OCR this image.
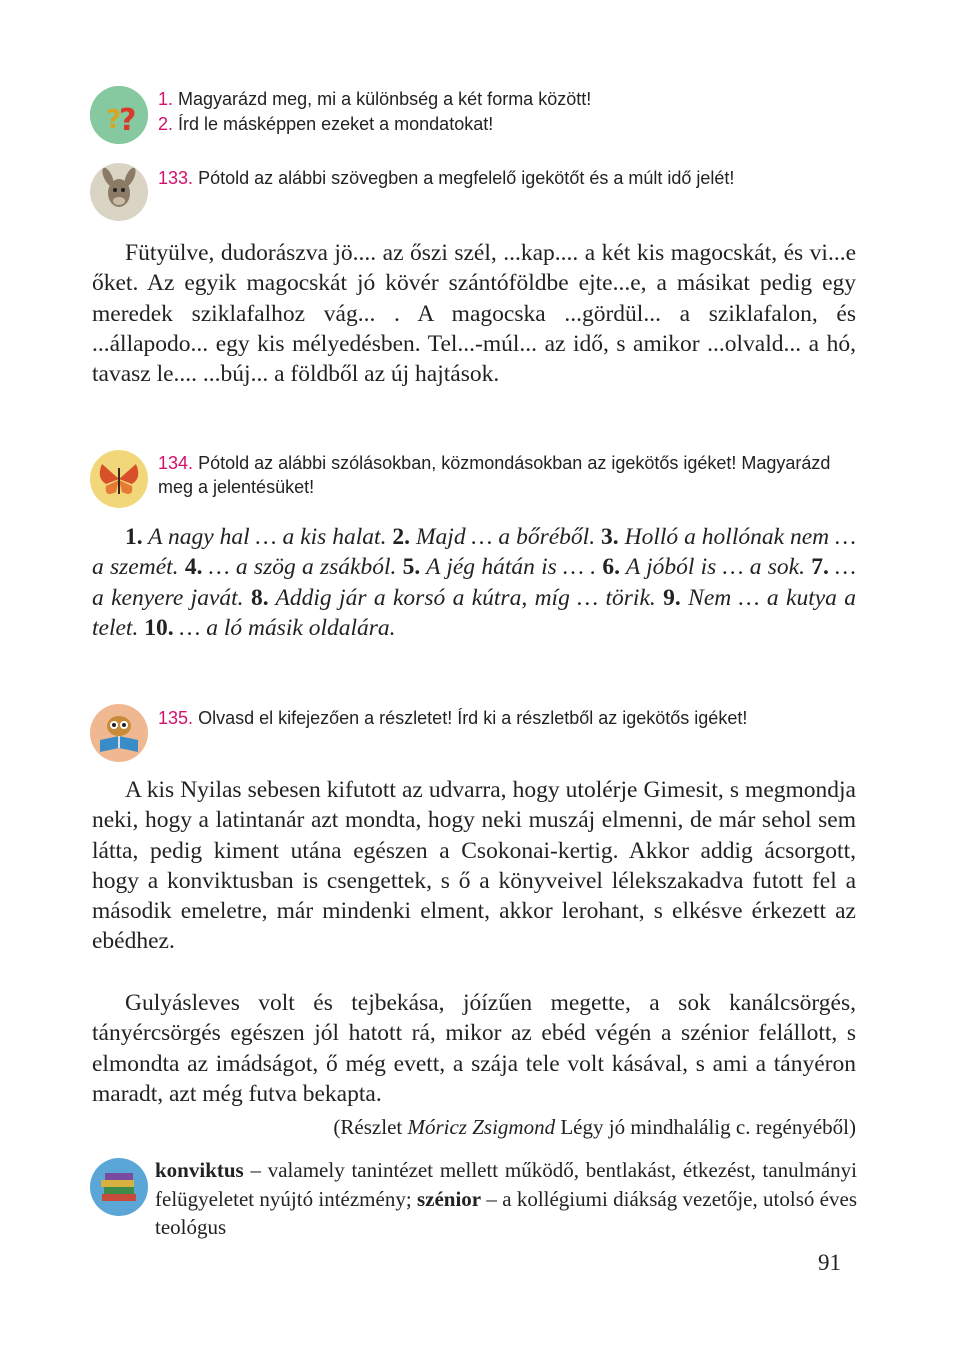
?
?
1. Magyarázd meg, mi a különbség a két forma között!
2. Írd le másképpen ezeket a mondatokat!
133. Pótold az alábbi szövegben a megfelelő igekötőt és a múlt idő jelét!
Fütyülve, dudorászva jö.... az őszi szél, ...kap.... a két kis magocskát, és vi...e őket. Az egyik magocskát jó kövér szántóföldbe ejte...e, a másikat pedig egy meredek sziklafalhoz vág... . A magocska ...gördül... a sziklafalon, és ...állapodo... egy kis mélyedésben. Tel...-múl... az idő, s amikor ...olvald... a hó, tavasz le.... ...búj... a földből az új hajtások.
134. Pótold az alábbi szólásokban, közmondásokban az igekötős igéket! Magyarázd meg a jelentésüket!
1. A nagy hal … a kis halat. 2. Majd … a bőréből. 3. Holló a hollónak nem … a szemét. 4. … a szög a zsákból. 5. A jég hátán is … . 6. A jóból is … a sok. 7. … a kenyere javát. 8. Addig jár a korsó a kútra, míg … törik. 9. Nem … a kutya a telet. 10. … a ló másik oldalára.
135. Olvasd el kifejezően a részletet! Írd ki a részletből az igekötős igéket!
A kis Nyilas sebesen kifutott az udvarra, hogy utolérje Gimesit, s megmondja neki, hogy a latintanár azt mondta, hogy neki muszáj elmenni, de már sehol sem látta, pedig kiment utána egészen a Csokonai-kertig. Akkor addig ácsorgott, hogy a konviktusban is csengettek, s ő a könyveivel lélekszakadva futott fel a második emeletre, már mindenki elment, akkor lerohant, s elkésve érkezett az ebédhez.
Gulyásleves volt és tejbekása, jóízűen megette, a sok kanálcsörgés, tányércsörgés egészen jól hatott rá, mikor az ebéd végén a szénior felállott, s elmondta az imádságot, ő még evett, a szája tele volt kásával, s ami a tányéron maradt, azt még futva bekapta.
(Részlet Móricz Zsigmond Légy jó mindhalálig c. regényéből)
konviktus – valamely tanintézet mellett működő, bentlakást, étkezést, tanulmányi felügyeletet nyújtó intézmény; szénior – a kollégiumi diákság vezetője, utolsó éves teológus
91
